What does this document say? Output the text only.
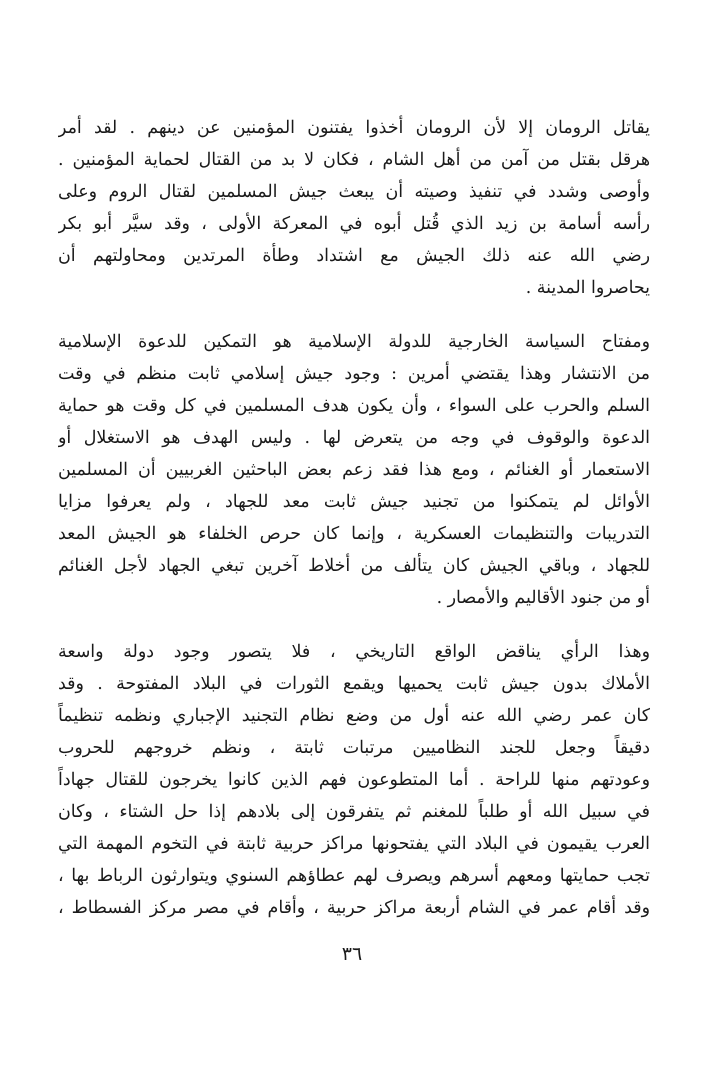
يقاتل الرومان إلا لأن الرومان أخذوا يفتنون المؤمنين عن دينهم . لقد أمر
هرقل بقتل من آمن من أهل الشام ، فكان لا بد من القتال لحماية المؤمنين .
وأوصى وشدد في تنفيذ وصيته أن يبعث جيش المسلمين لقتال الروم وعلى
رأسه أسامة بن زيد الذي قُتل أبوه في المعركة الأولى ، وقد سيَّر أبو بكر
رضي الله عنه ذلك الجيش مع اشتداد وطأة المرتدين ومحاولتهم أن
يحاصروا المدينة .
ومفتاح السياسة الخارجية للدولة الإسلامية هو التمكين للدعوة الإسلامية
من الانتشار وهذا يقتضي أمرين : وجود جيش إسلامي ثابت منظم في وقت
السلم والحرب على السواء ، وأن يكون هدف المسلمين في كل وقت هو حماية
الدعوة والوقوف في وجه من يتعرض لها . وليس الهدف هو الاستغلال أو
الاستعمار أو الغنائم ، ومع هذا فقد زعم بعض الباحثين الغربيين أن المسلمين
الأوائل لم يتمكنوا من تجنيد جيش ثابت معد للجهاد ، ولم يعرفوا مزايا
التدريبات والتنظيمات العسكرية ، وإنما كان حرص الخلفاء هو الجيش المعد
للجهاد ، وباقي الجيش كان يتألف من أخلاط آخرين تبغي الجهاد لأجل الغنائم
أو من جنود الأقاليم والأمصار .
وهذا الرأي يناقض الواقع التاريخي ، فلا يتصور وجود دولة واسعة
الأملاك بدون جيش ثابت يحميها ويقمع الثورات في البلاد المفتوحة . وقد
كان عمر رضي الله عنه أول من وضع نظام التجنيد الإجباري ونظمه تنظيماً
دقيقاً وجعل للجند النظاميين مرتبات ثابتة ، ونظم خروجهم للحروب
وعودتهم منها للراحة . أما المتطوعون فهم الذين كانوا يخرجون للقتال جهاداً
في سبيل الله أو طلباً للمغنم ثم يتفرقون إلى بلادهم إذا حل الشتاء ، وكان
العرب يقيمون في البلاد التي يفتحونها مراكز حربية ثابتة في التخوم المهمة التي
تجب حمايتها ومعهم أسرهم ويصرف لهم عطاؤهم السنوي ويتوارثون الرباط بها ،
وقد أقام عمر في الشام أربعة مراكز حربية ، وأقام في مصر مركز الفسطاط ،
٣٦
